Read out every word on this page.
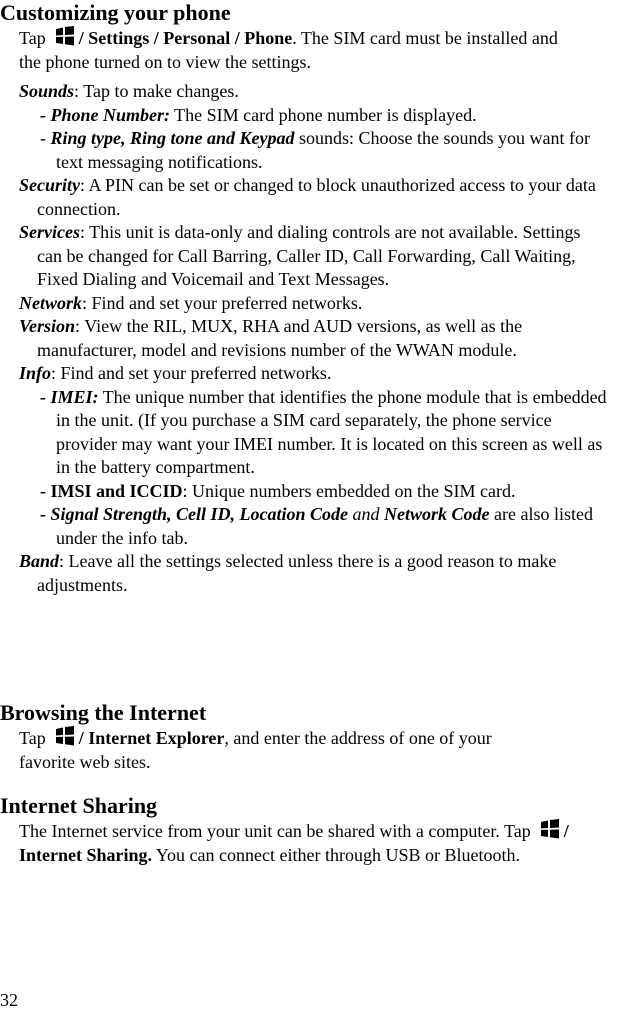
Customizing your phone

Tap / Settings / Personal / Phone. The SIM card must be installed and the phone turned on to view the settings.

Sounds: Tap to make changes.

- Phone Number: The SIM card phone number is displayed.

- Ring type, Ring tone and Keypad sounds: Choose the sounds you want for text messaging notifications.

Security: A PIN can be set or changed to block unauthorized access to your data connection.

Services: This unit is data-only and dialing controls are not available. Settings can be changed for Call Barring, Caller ID, Call Forwarding, Call Waiting, Fixed Dialing and Voicemail and Text Messages.

Network: Find and set your preferred networks.

Version: View the RIL, MUX, RHA and AUD versions, as well as the manufacturer, model and revisions number of the WWAN module.

Info: Find and set your preferred networks.

- IMEI: The unique number that identifies the phone module that is embedded in the unit. (If you purchase a SIM card separately, the phone service provider may want your IMEI number. It is located on this screen as well as in the battery compartment.

- IMSI and ICCID: Unique numbers embedded on the SIM card.

- Signal Strength, Cell ID, Location Code and Network Code are also listed under the info tab.

Band: Leave all the settings selected unless there is a good reason to make adjustments.

Browsing the Internet

Tap / Internet Explorer, and enter the address of one of your favorite web sites.

Internet Sharing

The Internet service from your unit can be shared with a computer. Tap / Internet Sharing. You can connect either through USB or Bluetooth.

32
